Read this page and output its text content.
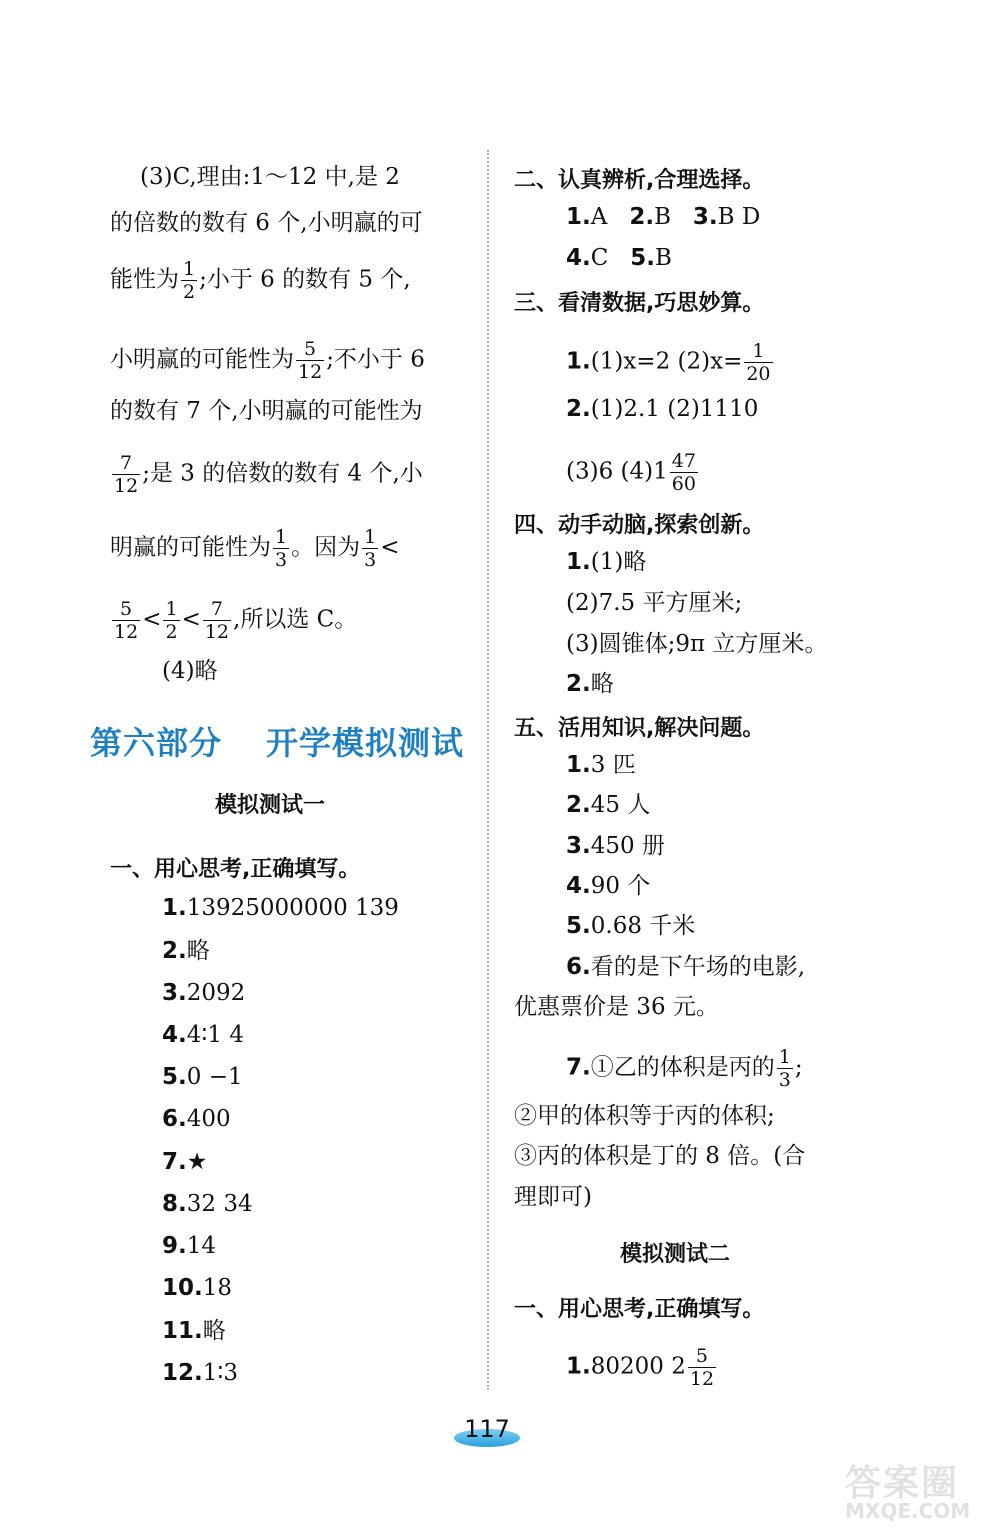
(3)C,理由:1～12 中,是 2
的倍数的数有 6 个,小明赢的可
能性为 $\frac{1}{2}$ ;小于 6 的数有 5 个,
小明赢的可能性为 $\frac{5}{12}$ ;不小于 6
的数有 7 个,小明赢的可能性为
$\frac{7}{12}$ ;是 3 的倍数的数有 4 个,小
明赢的可能性为 $\frac{1}{3}$ 。因为 $\frac{1}{3}$ <
$\frac{5}{12} < \frac{1}{2} < \frac{7}{12}$ ,所以选 C。
(4)略
第六部分 开学模拟测试
模拟测试一
一、用心思考,正确填写。
1.13925000000 139
2.略
3.2092
4.4∶1 4
5.0 −1
6.400
7.★
8.32 34
9.14
10.18
11.略
12.1∶3
二、认真辨析,合理选择。
1.A 2.B 3.B D
4.C 5.B
三、看清数据,巧思妙算。
1.(1)x=2 $(2)x= \frac{1}{20}$
2.(1)2.1 (2)1110
(3)6 $(4)1 \frac{47}{60}$
四、动手动脑,探索创新。
1.(1)略
(2)7.5 平方厘米;
(3)圆锥体;9π 立方厘米。
2.略
五、活用知识,解决问题。
1.3 匹
2.45 人
3.450 册
4.90 个
5.0.68 千米
6.看的是下午场的电影,
优惠票价是 36 元。
7.①乙的体积是丙的 $\frac{1}{3}$ ;
②甲的体积等于丙的体积;
③丙的体积是丁的 8 倍。(合
理即可)
模拟测试二
一、用心思考,正确填写。
1.80200 $2 \frac{5}{12}$
117
答案圈
MXQE.COM
